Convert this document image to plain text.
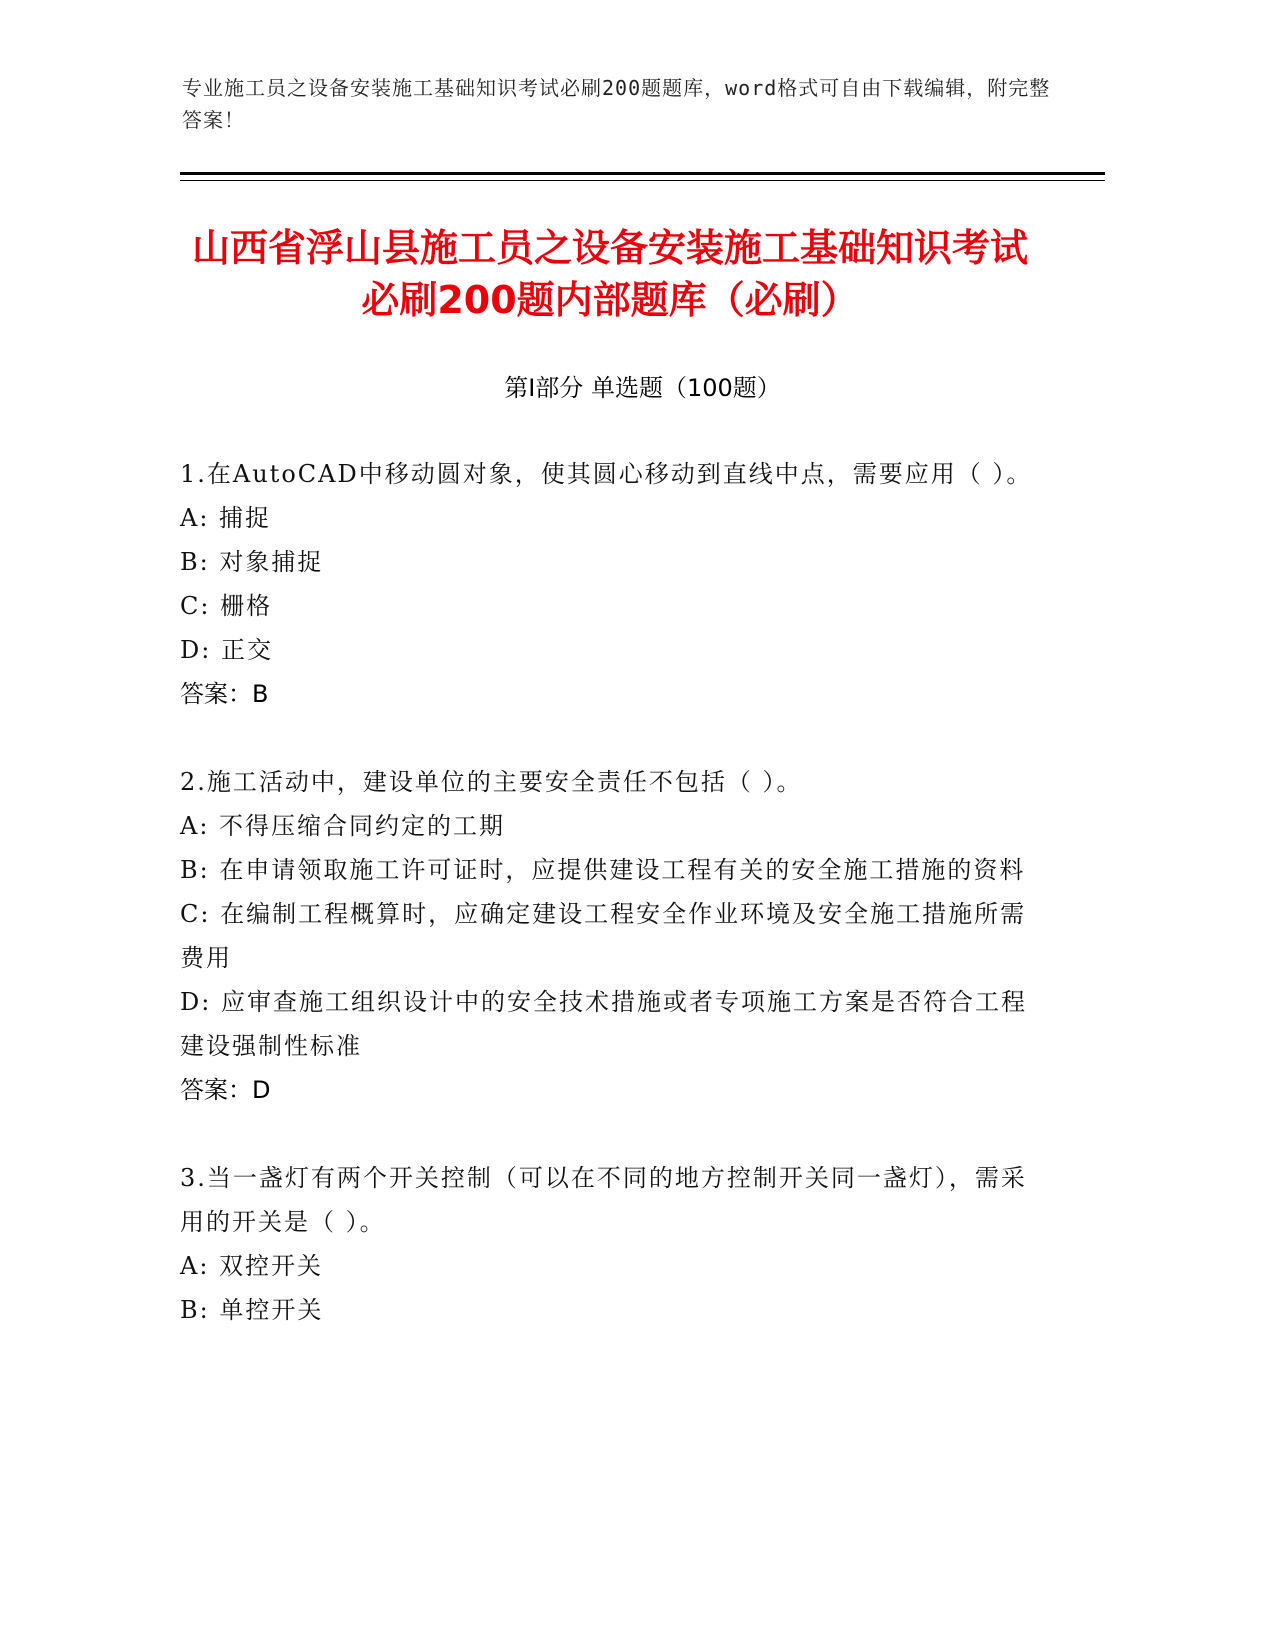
专业施工员之设备安装施工基础知识考试必刷200题题库，word格式可自由下载编辑，附完整答案！
山西省浮山县施工员之设备安装施工基础知识考试必刷200题内部题库（必刷）
第Ⅰ部分 单选题（100题）
1.在AutoCAD中移动圆对象，使其圆心移动到直线中点，需要应用（ ）。
A: 捕捉
B: 对象捕捉
C: 栅格
D: 正交
答案：B
2.施工活动中，建设单位的主要安全责任不包括（ ）。
A: 不得压缩合同约定的工期
B: 在申请领取施工许可证时，应提供建设工程有关的安全施工措施的资料
C: 在编制工程概算时，应确定建设工程安全作业环境及安全施工措施所需费用
D: 应审查施工组织设计中的安全技术措施或者专项施工方案是否符合工程建设强制性标准
答案：D
3.当一盏灯有两个开关控制（可以在不同的地方控制开关同一盏灯），需采用的开关是（ ）。
A: 双控开关
B: 单控开关
